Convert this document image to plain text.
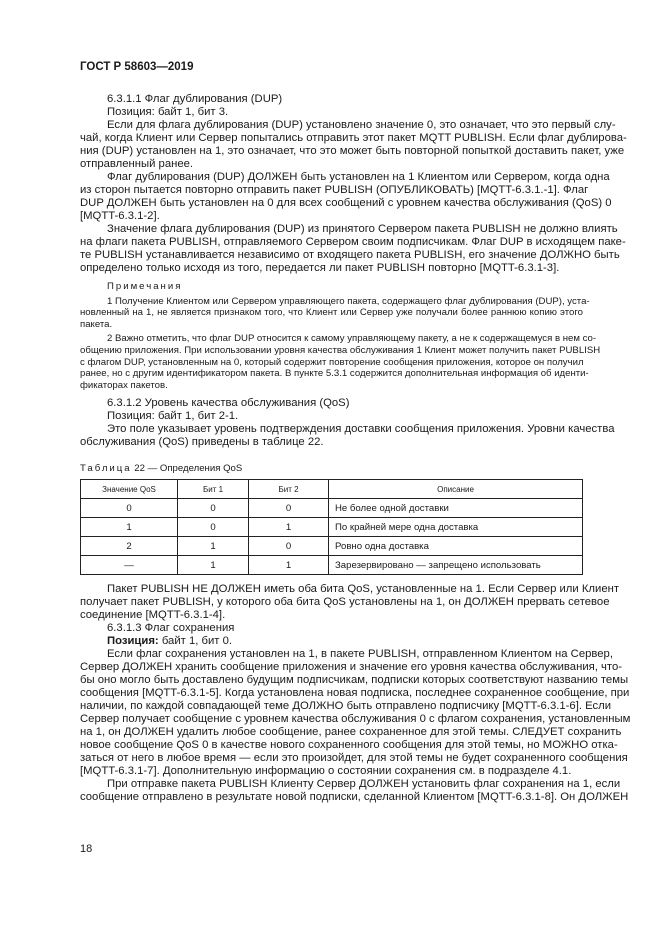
ГОСТ Р 58603—2019
6.3.1.1 Флаг дублирования (DUP)
Позиция: байт 1, бит 3.
Если для флага дублирования (DUP) установлено значение 0, это означает, что это первый слу-
чай, когда Клиент или Сервер попытались отправить этот пакет MQTT PUBLISH. Если флаг дублирова-
ния (DUP) установлен на 1, это означает, что это может быть повторной попыткой доставить пакет, уже
отправленный ранее.
Флаг дублирования (DUP) ДОЛЖЕН быть установлен на 1 Клиентом или Сервером, когда одна
из сторон пытается повторно отправить пакет PUBLISH (ОПУБЛИКОВАТЬ) [MQTT-6.3.1.-1]. Флаг
DUP ДОЛЖЕН быть установлен на 0 для всех сообщений с уровнем качества обслуживания (QoS) 0
[MQTT-6.3.1-2].
Значение флага дублирования (DUP) из принятого Сервером пакета PUBLISH не должно влиять
на флаги пакета PUBLISH, отправляемого Сервером своим подписчикам. Флаг DUP в исходящем паке-
те PUBLISH устанавливается независимо от входящего пакета PUBLISH, его значение ДОЛЖНО быть
определено только исходя из того, передается ли пакет PUBLISH повторно [MQTT-6.3.1-3].
Примечания
1 Получение Клиентом или Сервером управляющего пакета, содержащего флаг дублирования (DUP), уста-
новленный на 1, не является признаком того, что Клиент или Сервер уже получали более раннюю копию этого
пакета.
2 Важно отметить, что флаг DUP относится к самому управляющему пакету, а не к содержащемуся в нем со-
общению приложения. При использовании уровня качества обслуживания 1 Клиент может получить пакет PUBLISH
с флагом DUP, установленным на 0, который содержит повторение сообщения приложения, которое он получил
ранее, но с другим идентификатором пакета. В пункте 5.3.1 содержится дополнительная информация об иденти-
фикаторах пакетов.
6.3.1.2 Уровень качества обслуживания (QoS)
Позиция: байт 1, бит 2-1.
Это поле указывает уровень подтверждения доставки сообщения приложения. Уровни качества
обслуживания (QoS) приведены в таблице 22.
Таблица 22 — Определения QoS
Значение QoS	Бит 1	Бит 2	Описание
0	0	0	Не более одной доставки
1	0	1	По крайней мере одна доставка
2	1	0	Ровно одна доставка
—	1	1	Зарезервировано — запрещено использовать
Пакет PUBLISH НЕ ДОЛЖЕН иметь оба бита QoS, установленные на 1. Если Сервер или Клиент
получает пакет PUBLISH, у которого оба бита QoS установлены на 1, он ДОЛЖЕН прервать сетевое
соединение [MQTT-6.3.1-4].
6.3.1.3 Флаг сохранения
Позиция: байт 1, бит 0.
Если флаг сохранения установлен на 1, в пакете PUBLISH, отправленном Клиентом на Сервер,
Сервер ДОЛЖЕН хранить сообщение приложения и значение его уровня качества обслуживания, что-
бы оно могло быть доставлено будущим подписчикам, подписки которых соответствуют названию темы
сообщения [MQTT-6.3.1-5]. Когда установлена новая подписка, последнее сохраненное сообщение, при
наличии, по каждой совпадающей теме ДОЛЖНО быть отправлено подписчику [MQTT-6.3.1-6]. Если
Сервер получает сообщение с уровнем качества обслуживания 0 с флагом сохранения, установленным
на 1, он ДОЛЖЕН удалить любое сообщение, ранее сохраненное для этой темы. СЛЕДУЕТ сохранить
новое сообщение QoS 0 в качестве нового сохраненного сообщения для этой темы, но МОЖНО отка-
заться от него в любое время — если это произойдет, для этой темы не будет сохраненного сообщения
[MQTT-6.3.1-7]. Дополнительную информацию о состоянии сохранения см. в подразделе 4.1.
При отправке пакета PUBLISH Клиенту Сервер ДОЛЖЕН установить флаг сохранения на 1, если
сообщение отправлено в результате новой подписки, сделанной Клиентом [MQTT-6.3.1-8]. Он ДОЛЖЕН
18
